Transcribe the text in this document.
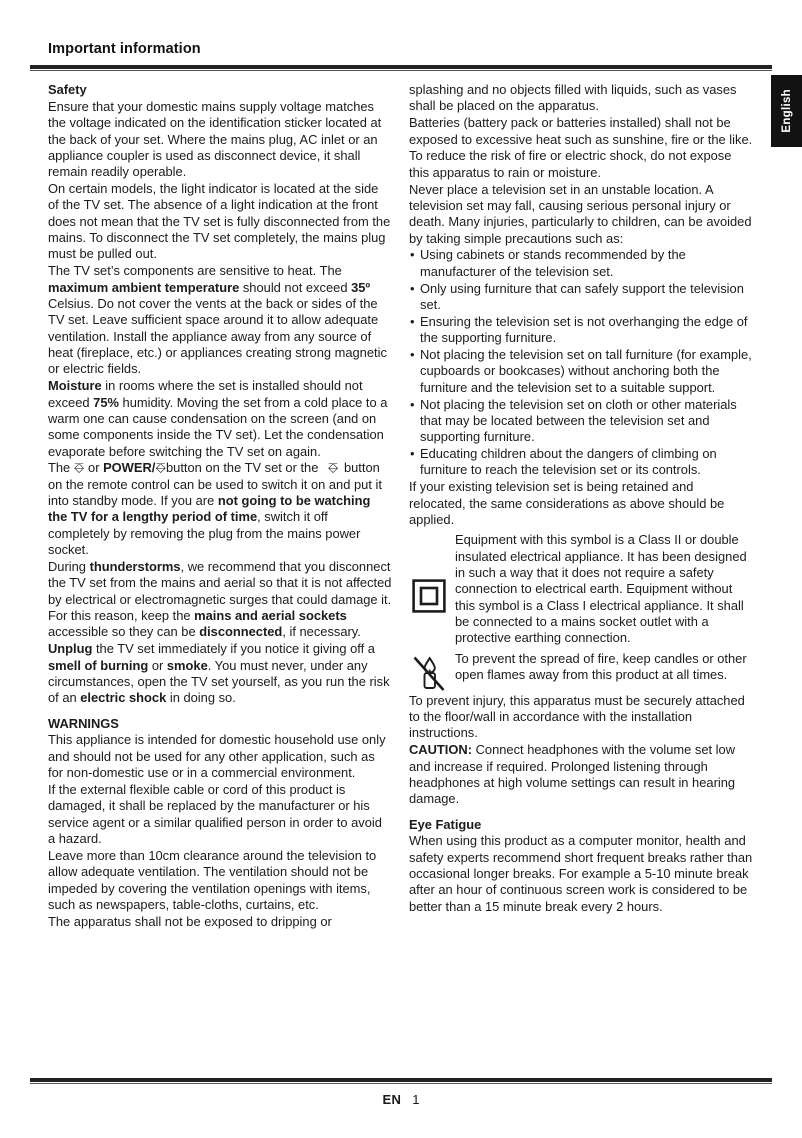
Important information
English
Safety

Ensure that your domestic mains supply voltage matches the voltage indicated on the identification sticker located at the back of your set. Where the mains plug, AC inlet or an appliance coupler is used as disconnect device, it shall remain readily operable.

On certain models, the light indicator is located at the side of the TV set. The absence of a light indication at the front does not mean that the TV set is fully disconnected from the mains. To disconnect the TV set completely, the mains plug must be pulled out.

The TV set’s components are sensitive to heat. The maximum ambient temperature should not exceed 35º Celsius. Do not cover the vents at the back or sides of the TV set. Leave sufficient space around it to allow adequate ventilation. Install the appliance away from any source of heat (fireplace, etc.) or appliances creating strong magnetic or electric fields.

Moisture in rooms where the set is installed should not exceed 75% humidity. Moving the set from a cold place to a warm one can cause condensation on the screen (and on some components inside the TV set). Let the condensation evaporate before switching the TV set on again.

The ⎑ or POWER/⎑button on the TV set or the  ⎑ button on the remote control can be used to switch it on and put it into standby mode. If you are not going to be watching the TV for a lengthy period of time, switch it off completely by removing the plug from the mains power socket.

During thunderstorms, we recommend that you disconnect the TV set from the mains and aerial so that it is not affected by electrical or electromagnetic surges that could damage it. For this reason, keep the mains and aerial sockets accessible so they can be disconnected, if necessary.

Unplug the TV set immediately if you notice it giving off a smell of burning or smoke. You must never, under any circumstances, open the TV set yourself, as you run the risk of an electric shock in doing so.

WARNINGS

This appliance is intended for domestic household use only and should not be used for any other application, such as for non-domestic use or in a commercial environment.

If the external flexible cable or cord of this product is damaged, it shall be replaced by the manufacturer or his service agent or a similar qualified person in order to avoid a hazard.

Leave more than 10cm clearance around the television to allow adequate ventilation. The ventilation should not be impeded by covering the ventilation openings with items, such as newspapers, table-cloths, curtains, etc.

The apparatus shall not be exposed to dripping or

splashing and no objects filled with liquids, such as vases shall be placed on the apparatus.

Batteries (battery pack or batteries installed) shall not be exposed to excessive heat such as sunshine, fire or the like.

To reduce the risk of fire or electric shock, do not expose this apparatus to rain or moisture.

Never place a television set in an unstable location. A television set may fall, causing serious personal injury or death. Many injuries, particularly to children, can be avoided by taking simple precautions such as:

• Using cabinets or stands recommended by the manufacturer of the television set.
• Only using furniture that can safely support the television set.
• Ensuring the television set is not overhanging the edge of the supporting furniture.
• Not placing the television set on tall furniture (for example, cupboards or bookcases) without anchoring both the furniture and the television set to a suitable support.
• Not placing the television set on cloth or other materials that may be located between the television set and supporting furniture.
• Educating children about the dangers of climbing on furniture to reach the television set or its controls.

If your existing television set is being retained and relocated, the same considerations as above should be applied.

Equipment with this symbol is a Class II or double insulated electrical appliance. It has been designed in such a way that it does not require a safety connection to electrical earth. Equipment without this symbol is a Class I electrical appliance. It shall be connected to a mains socket outlet with a protective earthing connection.
To prevent the spread of fire, keep candles or other open flames away from this product at all times.

To prevent injury, this apparatus must be securely attached to the floor/wall in accordance with the installation instructions.

CAUTION: Connect headphones with the volume set low and increase if required. Prolonged listening through headphones at high volume settings can result in hearing damage.

Eye Fatigue

When using this product as a computer monitor, health and safety experts recommend short frequent breaks rather than occasional longer breaks. For example a 5-10 minute break after an hour of continuous screen work is considered to be better than a 15 minute break every 2 hours.

EN 1
